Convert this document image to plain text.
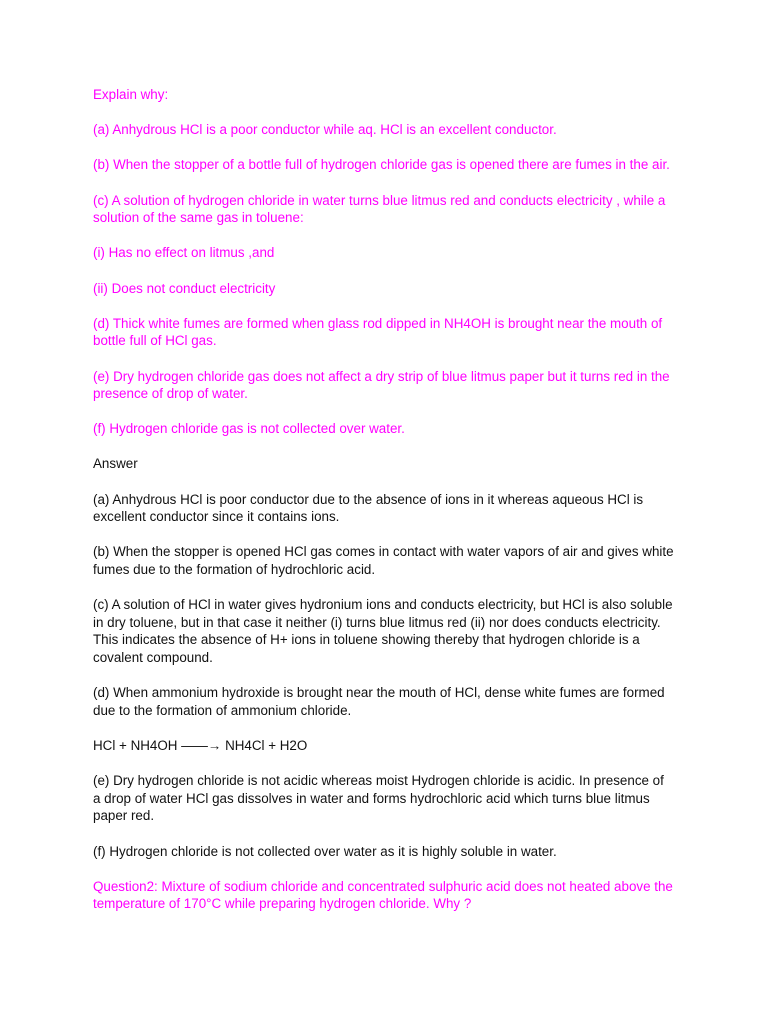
Explain why:

(a) Anhydrous HCl is a poor conductor while aq. HCl is an excellent conductor.

(b) When the stopper of a bottle full of hydrogen chloride gas is opened there are fumes in the air.

(c) A solution of hydrogen chloride in water turns blue litmus red and conducts electricity , while a solution of the same gas in toluene:

(i) Has no effect on litmus ,and

(ii) Does not conduct electricity

(d) Thick white fumes are formed when glass rod dipped in NH4OH is brought near the mouth of bottle full of HCl gas.

(e) Dry hydrogen chloride gas does not affect a dry strip of blue litmus paper but it turns red in the presence of drop of water.

(f) Hydrogen chloride gas is not collected over water.

Answer

(a) Anhydrous HCl is poor conductor due to the absence of ions in it whereas aqueous HCl is excellent conductor since it contains ions.

(b) When the stopper is opened HCl gas comes in contact with water vapors of air and gives white fumes due to the formation of hydrochloric acid.

(c) A solution of HCl in water gives hydronium ions and conducts electricity, but HCl is also soluble in dry toluene, but in that case it neither (i) turns blue litmus red (ii) nor does conducts electricity. This indicates the absence of H+ ions in toluene showing thereby that hydrogen chloride is a covalent compound.

(d) When ammonium hydroxide is brought near the mouth of HCl, dense white fumes are formed due to the formation of ammonium chloride.

HCl + NH4OH ——→ NH4Cl + H2O

(e) Dry hydrogen chloride is not acidic whereas moist Hydrogen chloride is acidic. In presence of a drop of water HCl gas dissolves in water and forms hydrochloric acid which turns blue litmus paper red.

(f) Hydrogen chloride is not collected over water as it is highly soluble in water.

Question2: Mixture of sodium chloride and concentrated sulphuric acid does not heated above the temperature of 170°C while preparing hydrogen chloride. Why ?
